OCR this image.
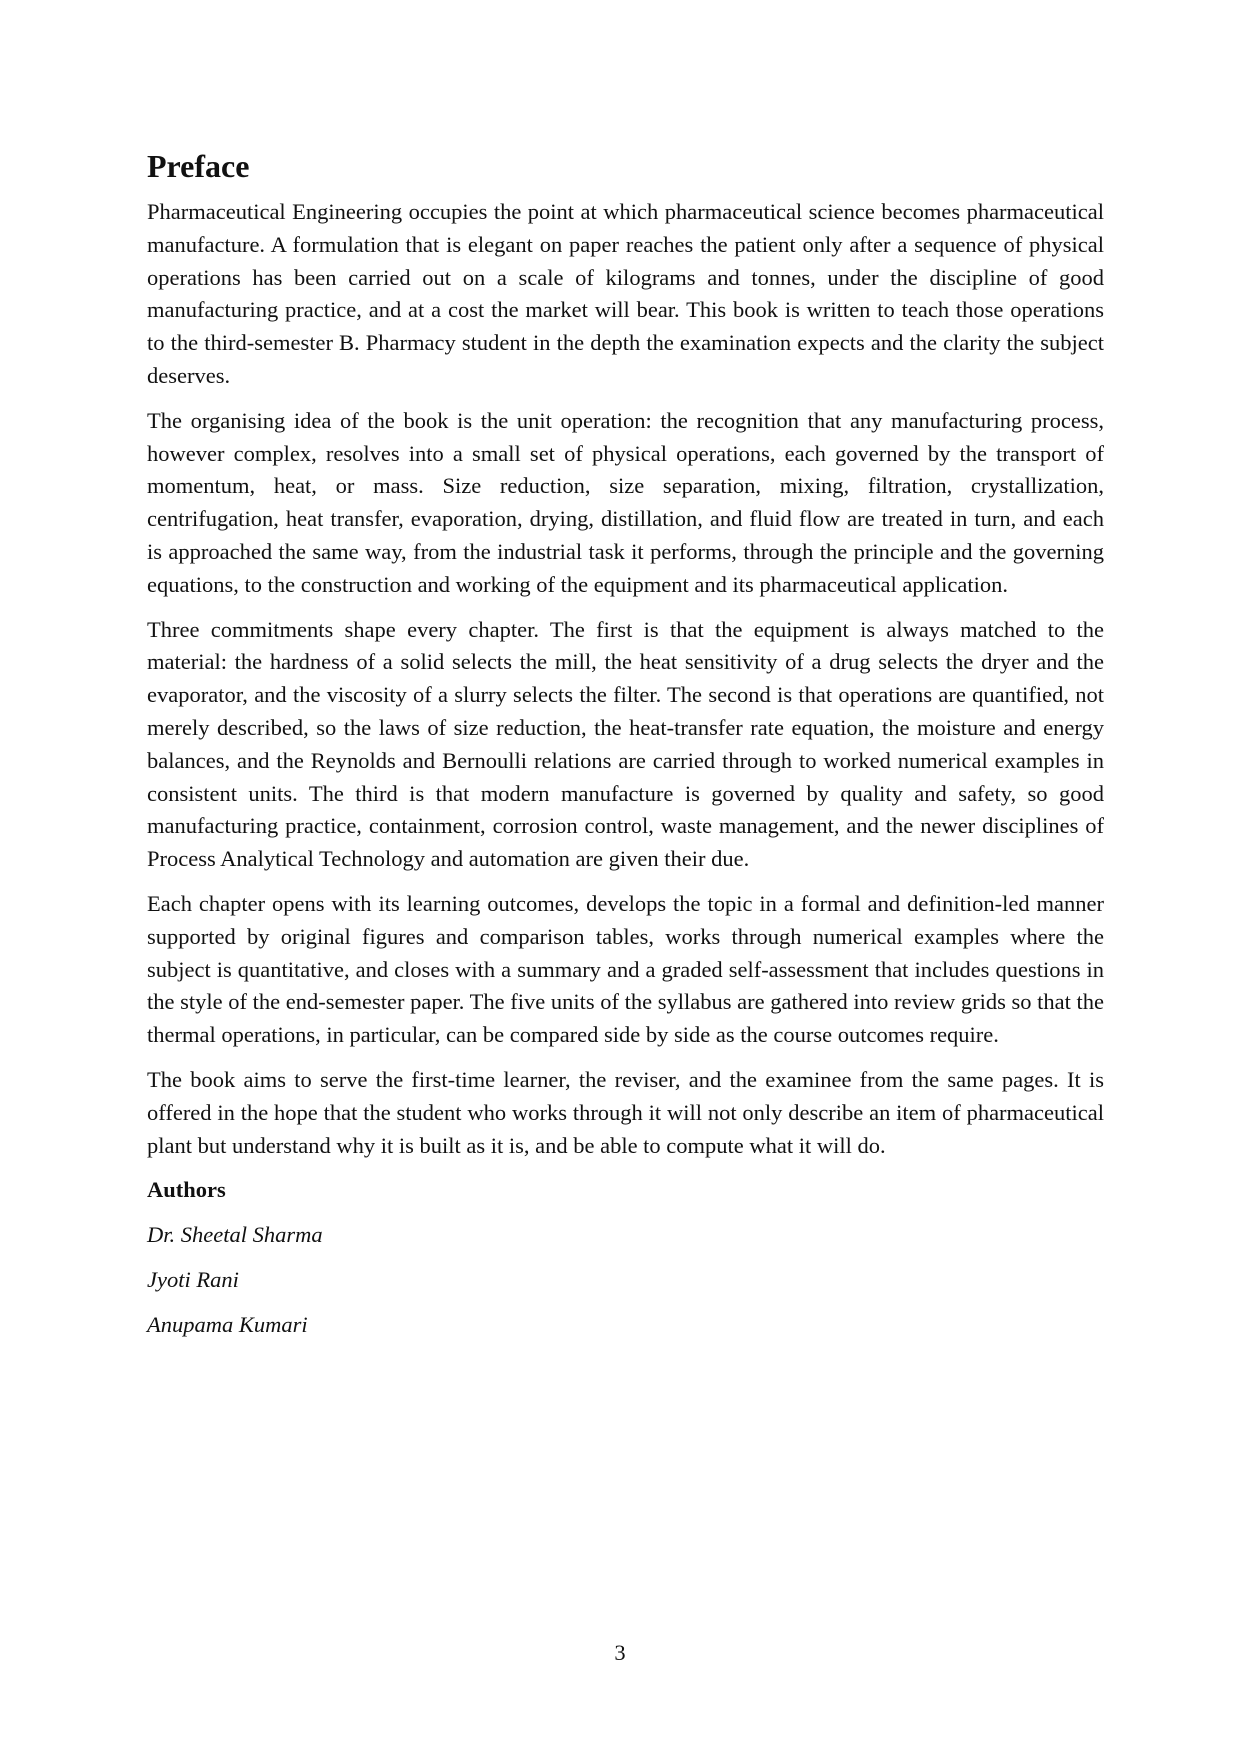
Preface

Pharmaceutical Engineering occupies the point at which pharmaceutical science becomes pharmaceutical manufacture. A formulation that is elegant on paper reaches the patient only after a sequence of physical operations has been carried out on a scale of kilograms and tonnes, under the discipline of good manufacturing practice, and at a cost the market will bear. This book is written to teach those operations to the third-semester B. Pharmacy student in the depth the examination expects and the clarity the subject deserves.

The organising idea of the book is the unit operation: the recognition that any manufacturing process, however complex, resolves into a small set of physical operations, each governed by the transport of momentum, heat, or mass. Size reduction, size separation, mixing, filtration, crystallization, centrifugation, heat transfer, evaporation, drying, distillation, and fluid flow are treated in turn, and each is approached the same way, from the industrial task it performs, through the principle and the governing equations, to the construction and working of the equipment and its pharmaceutical application.

Three commitments shape every chapter. The first is that the equipment is always matched to the material: the hardness of a solid selects the mill, the heat sensitivity of a drug selects the dryer and the evaporator, and the viscosity of a slurry selects the filter. The second is that operations are quantified, not merely described, so the laws of size reduction, the heat-transfer rate equation, the moisture and energy balances, and the Reynolds and Bernoulli relations are carried through to worked numerical examples in consistent units. The third is that modern manufacture is governed by quality and safety, so good manufacturing practice, containment, corrosion control, waste management, and the newer disciplines of Process Analytical Technology and automation are given their due.

Each chapter opens with its learning outcomes, develops the topic in a formal and definition-led manner supported by original figures and comparison tables, works through numerical examples where the subject is quantitative, and closes with a summary and a graded self-assessment that includes questions in the style of the end-semester paper. The five units of the syllabus are gathered into review grids so that the thermal operations, in particular, can be compared side by side as the course outcomes require.

The book aims to serve the first-time learner, the reviser, and the examinee from the same pages. It is offered in the hope that the student who works through it will not only describe an item of pharmaceutical plant but understand why it is built as it is, and be able to compute what it will do.

Authors
Dr. Sheetal Sharma
Jyoti Rani
Anupama Kumari
3
